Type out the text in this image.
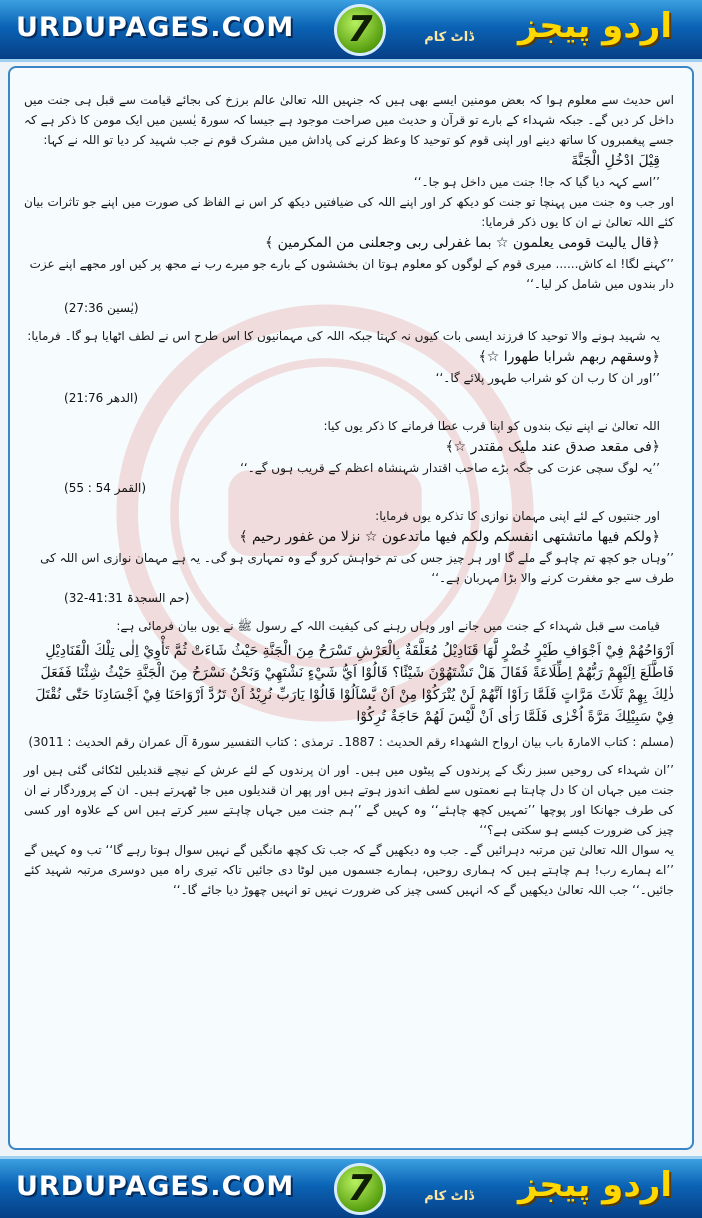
URDUPAGES.COM	7	ڈاٹ کام اردو پیجز

اس حدیث سے معلوم ہوا کہ بعض مومنین ایسے بھی ہیں کہ جنہیں اللہ تعالیٰ عالم برزخ کی بجائے قیامت سے قبل ہی جنت میں داخل کر دیں گے۔ جبکہ شہداء کے بارے تو قرآن و حدیث میں صراحت موجود ہے جیسا کہ سورۃ یٰسین میں ایک مومن کا ذکر ہے کہ جسے پیغمبروں کا ساتھ دینے اور اپنی قوم کو توحید کا وعظ کرنے کی پاداش میں مشرک قوم نے جب شہید کر دیا تو اللہ نے کہا:

قِيْلَ ادْخُلِ الْجَنَّةَ
’’اسے کہہ دیا گیا کہ جا! جنت میں داخل ہو جا۔‘‘

اور جب وہ جنت میں پہنچا تو جنت کو دیکھ کر اور اپنے اللہ کی ضیافتیں دیکھ کر اس نے الفاظ کی صورت میں اپنے جو تاثرات بیان کئے اللہ تعالیٰ نے ان کا یوں ذکر فرمایا:

﴿قال یالیت قومی یعلمون ☆ بما غفرلی ربی وجعلنی من المکرمین ﴾
’’کہنے لگا! اے کاش...... میری قوم کے لوگوں کو معلوم ہوتا ان بخششوں کے بارے جو میرے رب نے مجھ پر کیں اور مجھے اپنے عزت دار بندوں میں شامل کر لیا۔‘‘
(یٰسین 27:36)
یہ شہید ہونے والا توحید کا فرزند ایسی بات کیوں نہ کہتا جبکہ اللہ کی مہمانیوں کا اس طرح اس نے لطف اٹھایا ہو گا۔ فرمایا:
﴿وسقھم ربھم شرابا طھورا ☆﴾
’’اور ان کا رب ان کو شراب طہور پلائے گا۔‘‘
(الدھر 21:76)
اللہ تعالیٰ نے اپنے نیک بندوں کو اپنا قرب عطا فرمانے کا ذکر یوں کیا:
﴿فی مقعد صدق عند ملیک مقتدر ☆﴾
’’یہ لوگ سچی عزت کی جگہ بڑے صاحب اقتدار شہنشاہ اعظم کے قریب ہوں گے۔‘‘
(القمر 54 : 55)
اور جنتیوں کے لئے اپنی مہمان نوازی کا تذکرہ یوں فرمایا:
﴿ولکم فیھا ماتشتھی انفسکم ولکم فیھا ماتدعون ☆ نزلا من غفور رحیم ﴾
’’وہاں جو کچھ تم چاہو گے ملے گا اور ہر چیز جس کی تم خواہش کرو گے وہ تمہاری ہو گی۔ یہ ہے مہمان نوازی اس اللہ کی طرف سے جو مغفرت کرنے والا بڑا مہربان ہے۔‘‘
(حم السجدۃ 41:31-32)
قیامت سے قبل شہداء کے جنت میں جانے اور وہاں رہنے کی کیفیت اللہ کے رسول ﷺ نے یوں بیان فرمائی ہے:
اَرْوَاحُهُمْ فِيْ اَجْوَافِ طَيْرٍ خُضْرٍ لَّهَا قَنَادِيْلُ مُعَلَّقَةٌ بِالْعَرْشِ تَسْرَحُ مِنَ الْجَنَّةِ حَيْثُ شَاءَتْ ثُمَّ تَأْوِيْ اِلٰى تِلْكَ الْقَنَادِيْلِ فَاطَّلَعَ اِلَيْهِمْ رَبُّهُمْ اِطِّلَاعَةً فَقَالَ هَلْ تَشْتَهُوْنَ شَيْئًا؟ قَالُوْا اَيُّ شَيْءٍ نَشْتَهِيْ وَنَحْنُ نَسْرَحُ مِنَ الْجَنَّةِ حَيْثُ شِئْنَا فَفَعَلَ ذٰلِكَ بِهِمْ ثَلَاثَ مَرَّاتٍ فَلَمَّا رَاَوْا اَنَّهُمْ لَنْ يُتْرَكُوْا مِنْ اَنْ يَّسْاَلُوْا قَالُوْا يَارَبِّ نُرِيْدُ اَنْ تَرُدَّ اَرْوَاحَنَا فِيْ اَجْسَادِنَا حَتّٰى نُقْتَلَ فِيْ سَبِيْلِكَ مَرَّةً اُخْرٰى فَلَمَّا رَاٰى اَنْ لَّيْسَ لَهُمْ حَاجَةٌ تُرِكُوْا
(مسلم : کتاب الامارۃ باب بیان ارواح الشھداء رقم الحدیث : 1887۔ ترمذی : کتاب التفسیر سورۃ آل عمران رقم الحدیث : 3011)

’’ان شہداء کی روحیں سبز رنگ کے پرندوں کے پیٹوں میں ہیں۔ اور ان پرندوں کے لئے عرش کے نیچے قندیلیں لٹکائی گئی ہیں اور جنت میں جہاں ان کا دل چاہتا ہے نعمتوں سے لطف اندوز ہوتے ہیں اور پھر ان قندیلوں میں جا ٹھہرتے ہیں۔ ان کے پروردگار نے ان کی طرف جھانکا اور پوچھا ’’تمہیں کچھ چاہئے‘‘ وہ کہیں گے ’’ہم جنت میں جہاں چاہتے سیر کرتے ہیں اس کے علاوہ اور کسی چیز کی ضرورت کیسے ہو سکتی ہے؟‘‘

یہ سوال اللہ تعالیٰ تین مرتبہ دہرائیں گے۔ جب وہ دیکھیں گے کہ جب تک کچھ مانگیں گے نہیں سوال ہوتا رہے گا‘‘ تب وہ کہیں گے ’’اے ہمارے رب! ہم چاہتے ہیں کہ ہماری روحیں، ہمارے جسموں میں لوٹا دی جائیں تاکہ تیری راہ میں دوسری مرتبہ شہید کئے جائیں۔‘‘ جب اللہ تعالیٰ دیکھیں گے کہ انہیں کسی چیز کی ضرورت نہیں تو انہیں چھوڑ دیا جائے گا۔‘‘

URDUPAGES.COM	7	ڈاٹ کام اردو پیجز
